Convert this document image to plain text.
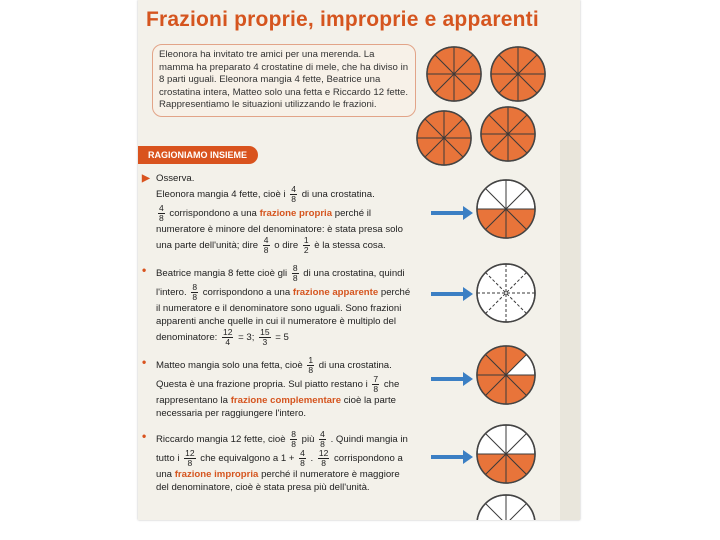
Frazioni proprie, improprie e apparenti
Eleonora ha invitato tre amici per una merenda. La mamma ha preparato 4 crostatine di mele, che ha diviso in 8 parti uguali. Eleonora mangia 4 fette, Beatrice una crostatina intera, Matteo solo una fetta e Riccardo 12 fette. Rappresentiamo le situazioni utilizzando le frazioni.
RAGIONIAMO INSIEME
▶ Osserva.
Eleonora mangia 4 fette, cioè i $\frac{4}{8}$ di una crostatina.

$\frac{4}{8}$ corrispondono a una frazione propria perché il numeratore è minore del denominatore: è stata presa solo una parte dell'unità; dire $\frac{4}{8}$ o dire $\frac{1}{2}$ è la stessa cosa.
• Beatrice mangia 8 fette cioè gli $\frac{8}{8}$ di una crostatina, quindi l'intero. $\frac{8}{8}$ corrispondono a una frazione apparente perché il numeratore e il denominatore sono uguali. Sono frazioni apparenti anche quelle in cui il numeratore è multiplo del denominatore: $\frac{12}{4} = 3$; $\frac{15}{3} = 5$
• Matteo mangia solo una fetta, cioè $\frac{1}{8}$ di una crostatina. Questa è una frazione propria. Sul piatto restano i $\frac{7}{8}$ che rappresentano la frazione complementare cioè la parte necessaria per raggiungere l'intero.
• Riccardo mangia 12 fette, cioè $\frac{8}{8}$ più $\frac{4}{8}$ . Quindi mangia in tutto i $\frac{12}{8}$ che equivalgono a $1 + \frac{4}{8}$ . $\frac{12}{8}$ corrispondono a una frazione impropria perché il numeratore è maggiore del denominatore, cioè è stata presa più dell'unità.
